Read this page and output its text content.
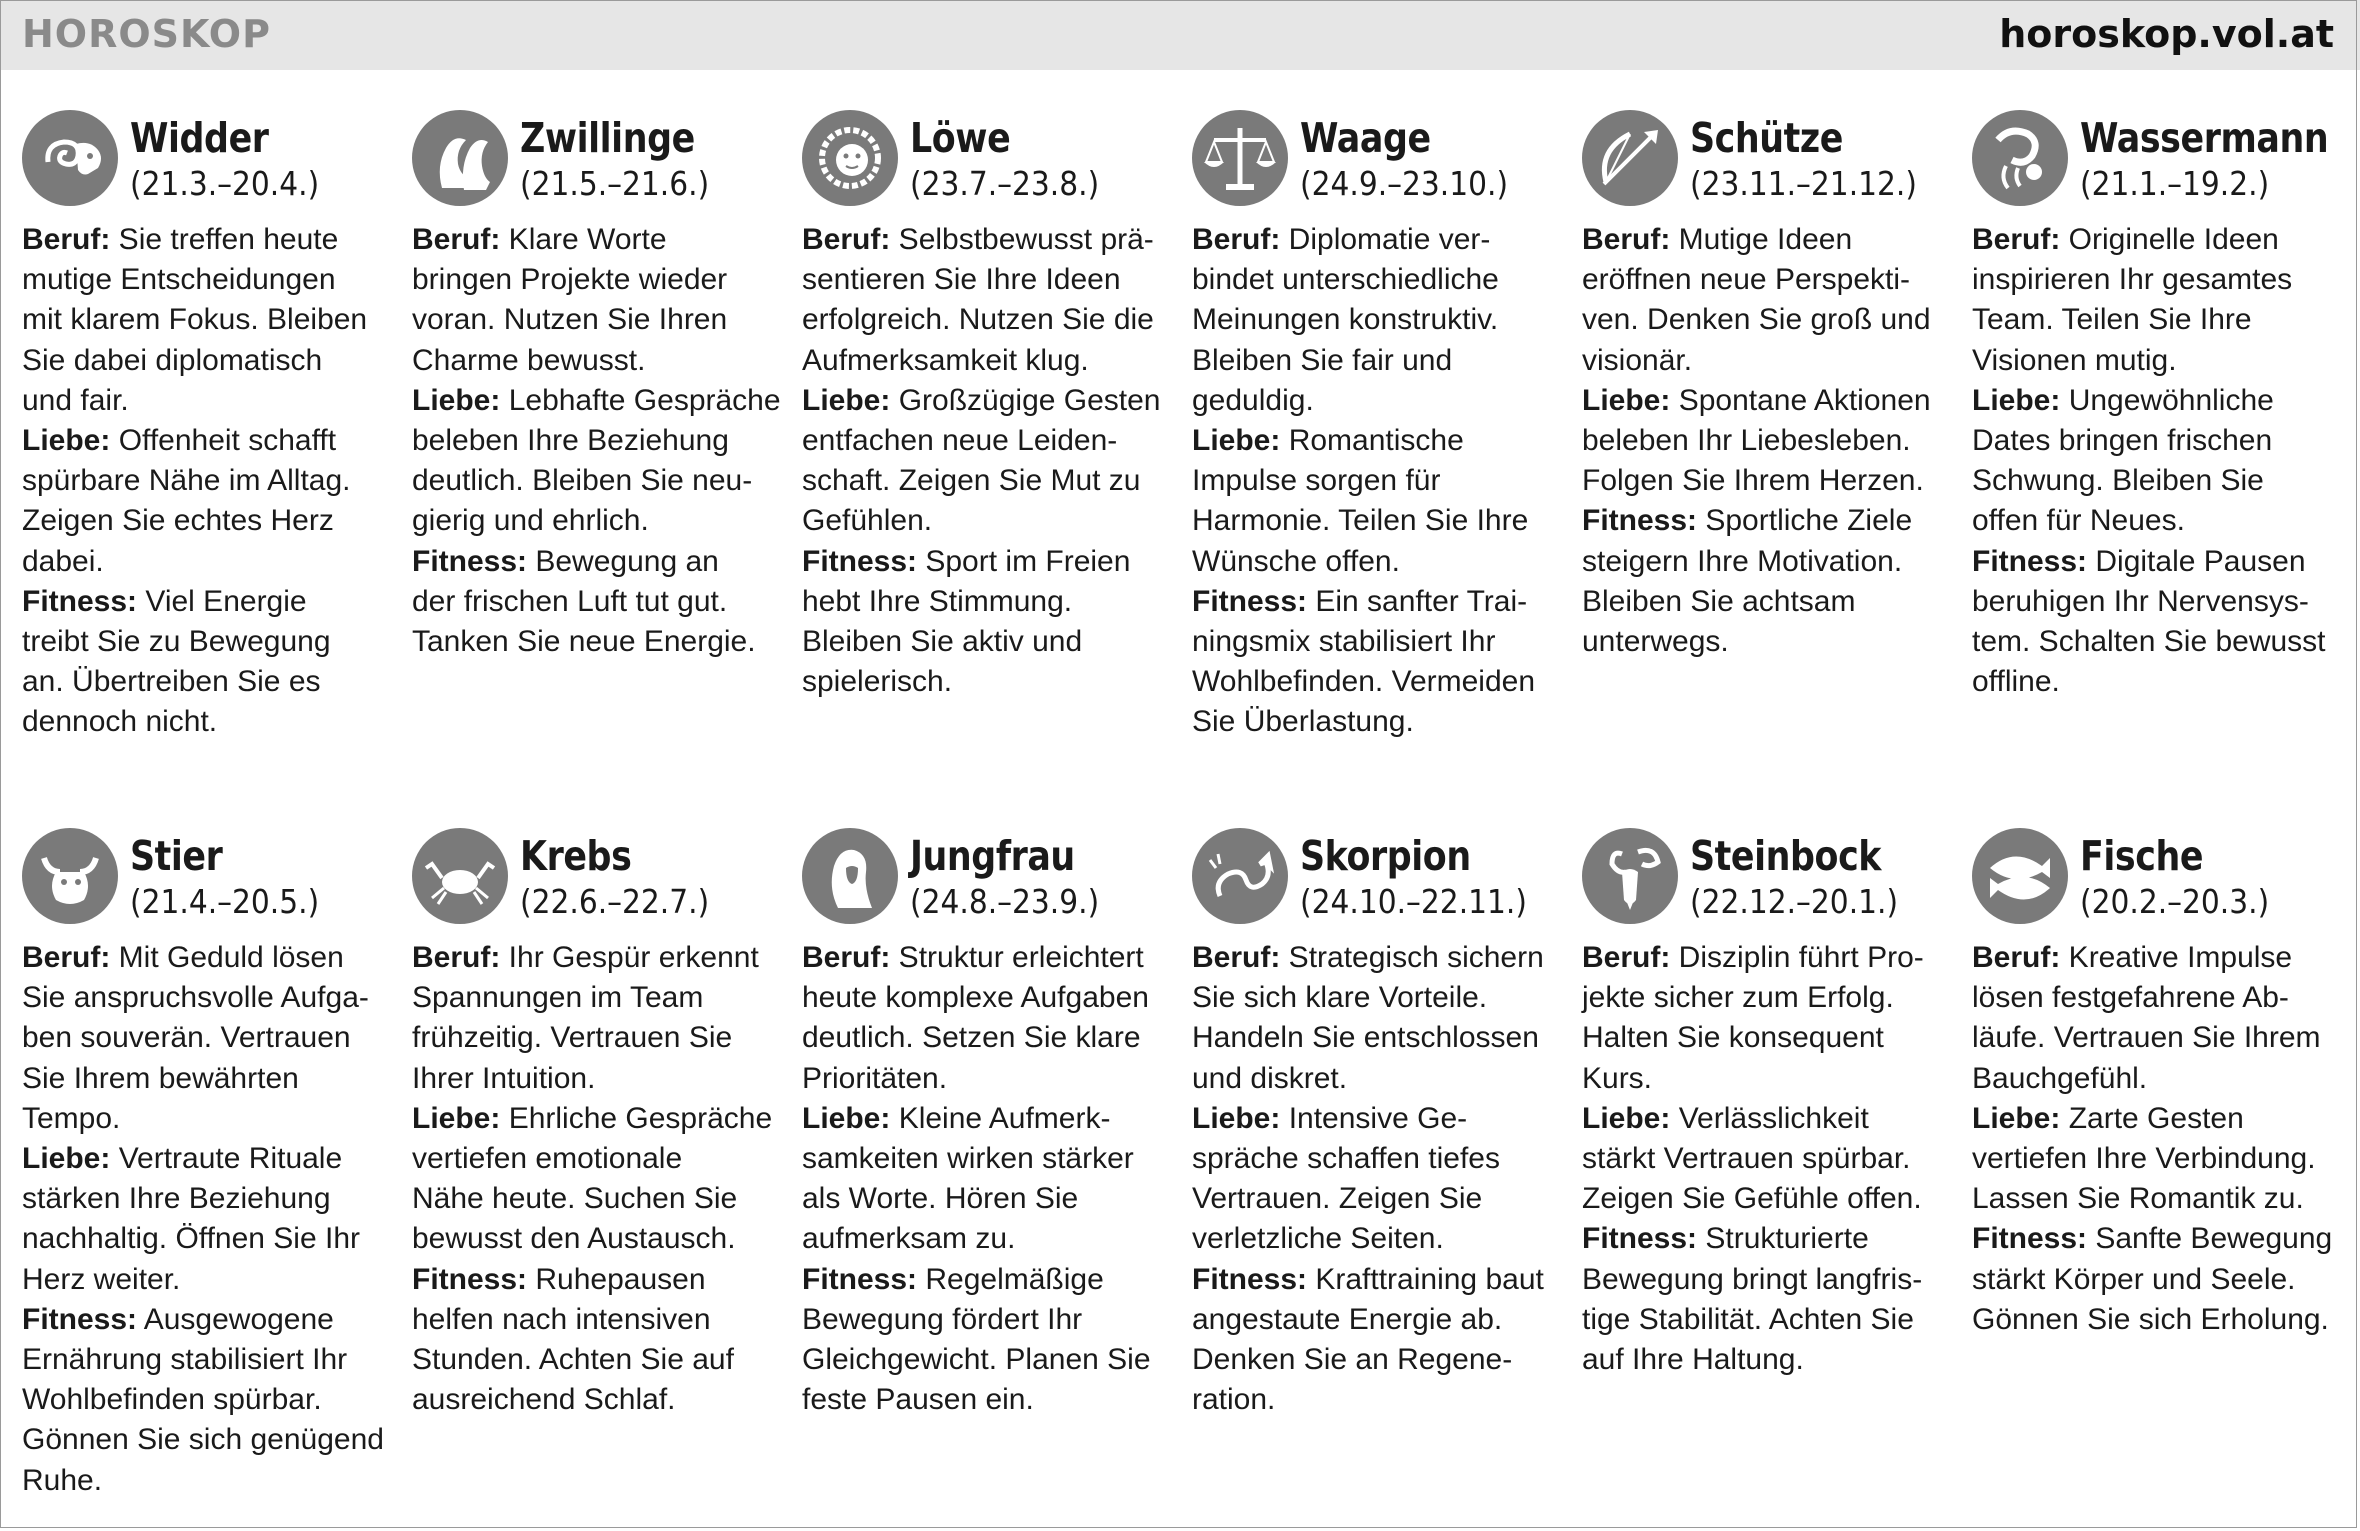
HOROSKOP	horoskop.vol.at
Widder
(21.3.–20.4.)
Beruf: Sie treffen heute
mutige Entscheidungen
mit klarem Fokus. Bleiben
Sie dabei diplomatisch
und fair.
Liebe: Offenheit schafft
spürbare Nähe im Alltag.
Zeigen Sie echtes Herz
dabei.
Fitness: Viel Energie
treibt Sie zu Bewegung
an. Übertreiben Sie es
dennoch nicht.
Zwillinge
(21.5.–21.6.)
Beruf: Klare Worte
bringen Projekte wieder
voran. Nutzen Sie Ihren
Charme bewusst.
Liebe: Lebhafte Gespräche
beleben Ihre Beziehung
deutlich. Bleiben Sie neu-
gierig und ehrlich.
Fitness: Bewegung an
der frischen Luft tut gut.
Tanken Sie neue Energie.
Löwe
(23.7.–23.8.)
Beruf: Selbstbewusst prä-
sentieren Sie Ihre Ideen
erfolgreich. Nutzen Sie die
Aufmerksamkeit klug.
Liebe: Großzügige Gesten
entfachen neue Leiden-
schaft. Zeigen Sie Mut zu
Gefühlen.
Fitness: Sport im Freien
hebt Ihre Stimmung.
Bleiben Sie aktiv und
spielerisch.
Waage
(24.9.–23.10.)
Beruf: Diplomatie ver-
bindet unterschiedliche
Meinungen konstruktiv.
Bleiben Sie fair und
geduldig.
Liebe: Romantische
Impulse sorgen für
Harmonie. Teilen Sie Ihre
Wünsche offen.
Fitness: Ein sanfter Trai-
ningsmix stabilisiert Ihr
Wohlbefinden. Vermeiden
Sie Überlastung.
Schütze
(23.11.–21.12.)
Beruf: Mutige Ideen
eröffnen neue Perspekti-
ven. Denken Sie groß und
visionär.
Liebe: Spontane Aktionen
beleben Ihr Liebesleben.
Folgen Sie Ihrem Herzen.
Fitness: Sportliche Ziele
steigern Ihre Motivation.
Bleiben Sie achtsam
unterwegs.
Wassermann
(21.1.–19.2.)
Beruf: Originelle Ideen
inspirieren Ihr gesamtes
Team. Teilen Sie Ihre
Visionen mutig.
Liebe: Ungewöhnliche
Dates bringen frischen
Schwung. Bleiben Sie
offen für Neues.
Fitness: Digitale Pausen
beruhigen Ihr Nervensys-
tem. Schalten Sie bewusst
offline.
Stier
(21.4.–20.5.)
Beruf: Mit Geduld lösen
Sie anspruchsvolle Aufga-
ben souverän. Vertrauen
Sie Ihrem bewährten
Tempo.
Liebe: Vertraute Rituale
stärken Ihre Beziehung
nachhaltig. Öffnen Sie Ihr
Herz weiter.
Fitness: Ausgewogene
Ernährung stabilisiert Ihr
Wohlbefinden spürbar.
Gönnen Sie sich genügend
Ruhe.
Krebs
(22.6.–22.7.)
Beruf: Ihr Gespür erkennt
Spannungen im Team
frühzeitig. Vertrauen Sie
Ihrer Intuition.
Liebe: Ehrliche Gespräche
vertiefen emotionale
Nähe heute. Suchen Sie
bewusst den Austausch.
Fitness: Ruhepausen
helfen nach intensiven
Stunden. Achten Sie auf
ausreichend Schlaf.
Jungfrau
(24.8.–23.9.)
Beruf: Struktur erleichtert
heute komplexe Aufgaben
deutlich. Setzen Sie klare
Prioritäten.
Liebe: Kleine Aufmerk-
samkeiten wirken stärker
als Worte. Hören Sie
aufmerksam zu.
Fitness: Regelmäßige
Bewegung fördert Ihr
Gleichgewicht. Planen Sie
feste Pausen ein.
Skorpion
(24.10.–22.11.)
Beruf: Strategisch sichern
Sie sich klare Vorteile.
Handeln Sie entschlossen
und diskret.
Liebe: Intensive Ge-
spräche schaffen tiefes
Vertrauen. Zeigen Sie
verletzliche Seiten.
Fitness: Krafttraining baut
angestaute Energie ab.
Denken Sie an Regene-
ration.
Steinbock
(22.12.–20.1.)
Beruf: Disziplin führt Pro-
jekte sicher zum Erfolg.
Halten Sie konsequent
Kurs.
Liebe: Verlässlichkeit
stärkt Vertrauen spürbar.
Zeigen Sie Gefühle offen.
Fitness: Strukturierte
Bewegung bringt langfris-
tige Stabilität. Achten Sie
auf Ihre Haltung.
Fische
(20.2.–20.3.)
Beruf: Kreative Impulse
lösen festgefahrene Ab-
läufe. Vertrauen Sie Ihrem
Bauchgefühl.
Liebe: Zarte Gesten
vertiefen Ihre Verbindung.
Lassen Sie Romantik zu.
Fitness: Sanfte Bewegung
stärkt Körper und Seele.
Gönnen Sie sich Erholung.
